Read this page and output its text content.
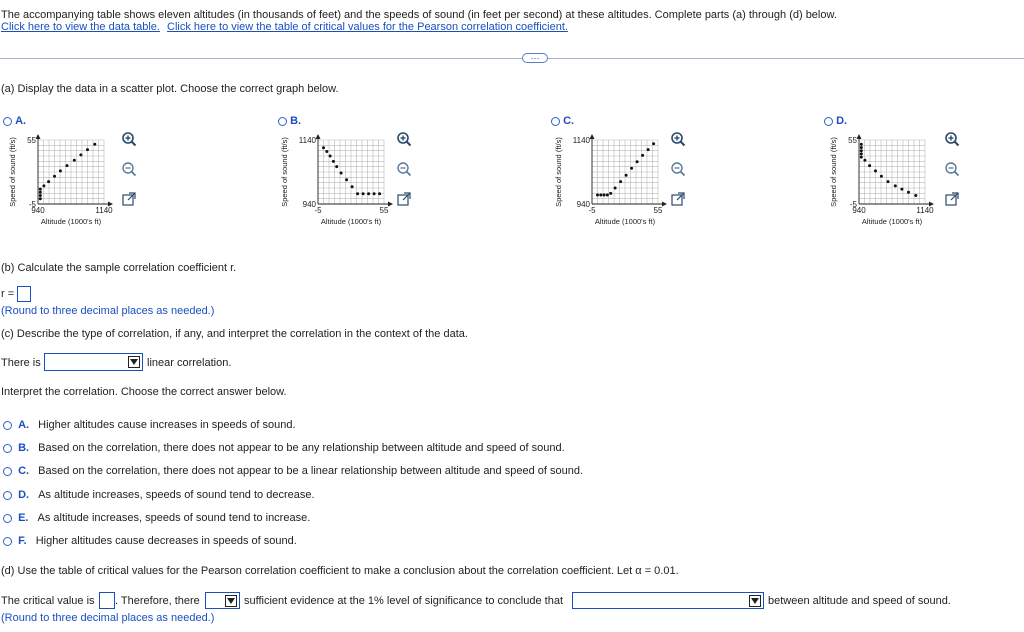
The accompanying table shows eleven altitudes (in thousands of feet) and the speeds of sound (in feet per second) at these altitudes. Complete parts (a) through (d) below.
Click here to view the data table. Click here to view the table of critical values for the Pearson correlation coefficient.
⋯
(a) Display the data in a scatter plot. Choose the correct graph below.
A.
940	1140
55
-5
Altitude (1000's ft)
Speed of sound (ft/s)
B.
-5	55
1140
940
Altitude (1000's ft)
Speed of sound (ft/s)
C.
-5	55
1140
940
Altitude (1000's ft)
Speed of sound (ft/s)
D.
940	1140
55
-5
Altitude (1000's ft)
Speed of sound (ft/s)
(b) Calculate the sample correlation coefficient r.
r =
(Round to three decimal places as needed.)
(c) Describe the type of correlation, if any, and interpret the correlation in the context of the data.
There is	linear correlation.
Interpret the correlation. Choose the correct answer below.
A. Higher altitudes cause increases in speeds of sound.
B. Based on the correlation, there does not appear to be any relationship between altitude and speed of sound.
C. Based on the correlation, there does not appear to be a linear relationship between altitude and speed of sound.
D. As altitude increases, speeds of sound tend to decrease.
E. As altitude increases, speeds of sound tend to increase.
F. Higher altitudes cause decreases in speeds of sound.
(d) Use the table of critical values for the Pearson correlation coefficient to make a conclusion about the correlation coefficient. Let α = 0.01.
The critical value is . Therefore, there	sufficient evidence at the 1% level of significance to conclude that	between altitude and speed of sound.
(Round to three decimal places as needed.)
